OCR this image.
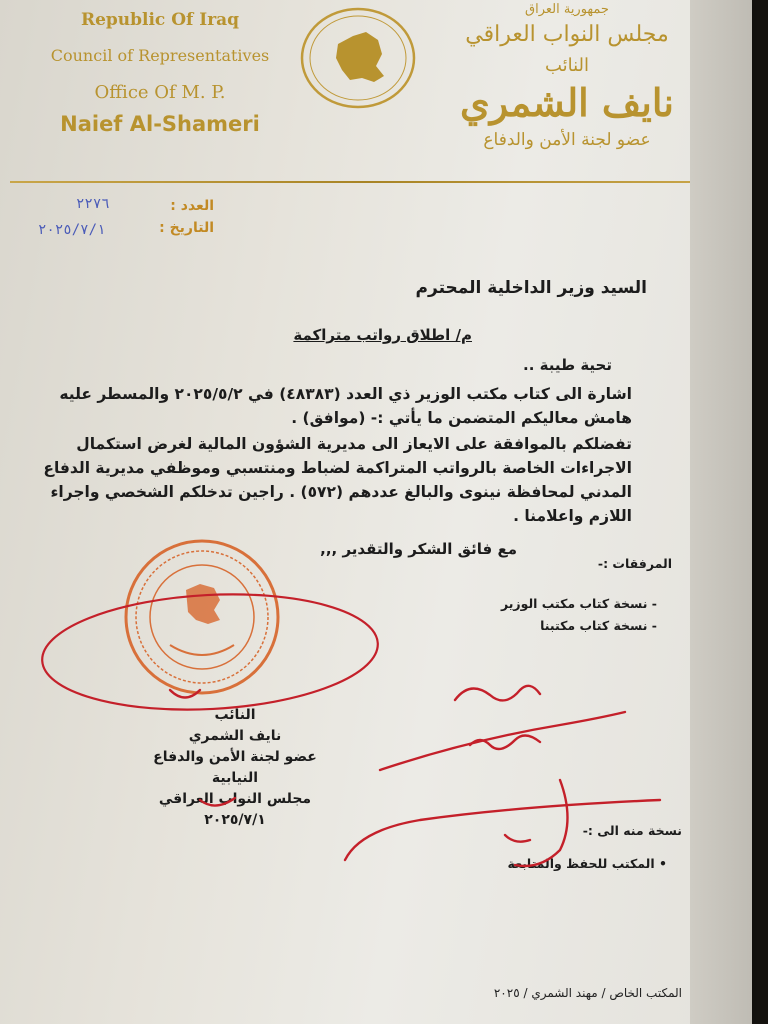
Republic Of Iraq
Council of Representatives
Office Of M. P.
Naief Al-Shameri
جمهورية العراق
مجلس النواب العراقي
النائب
نايف الشمري
عضو لجنة الأمن والدفاع
العدد :
٢٢٧٦
التاريخ :
٢٠٢٥/٧/١
السيد وزير الداخلية المحترم
م/ اطلاق رواتب متراكمة
تحية طيبة ..
اشارة الى كتاب مكتب الوزير ذي العدد (٤٨٣٨٣) في ٢٠٢٥/٥/٢ والمسطر عليه هامش معاليكم المتضمن ما يأتي :- (موافق) .
تفضلكم بالموافقة على الايعاز الى مديرية الشؤون المالية لغرض استكمال الاجراءات الخاصة بالرواتب المتراكمة لضباط ومنتسبي وموظفي مديرية الدفاع المدني لمحافظة نينوى والبالغ عددهم (٥٧٢) . راجين تدخلكم الشخصي واجراء اللازم واعلامنا .
مع فائق الشكر والتقدير ,,,
المرفقات :-
- نسخة كتاب مكتب الوزير
- نسخة كتاب مكتبنا
نسخة منه الى :-
• المكتب للحفظ والمتابعة
النائب
نايف الشمري
عضو لجنة الأمن والدفاع النيابية
مجلس النواب العراقي
٢٠٢٥/٧/١
المكتب الخاص / مهند الشمري / ٢٠٢٥
